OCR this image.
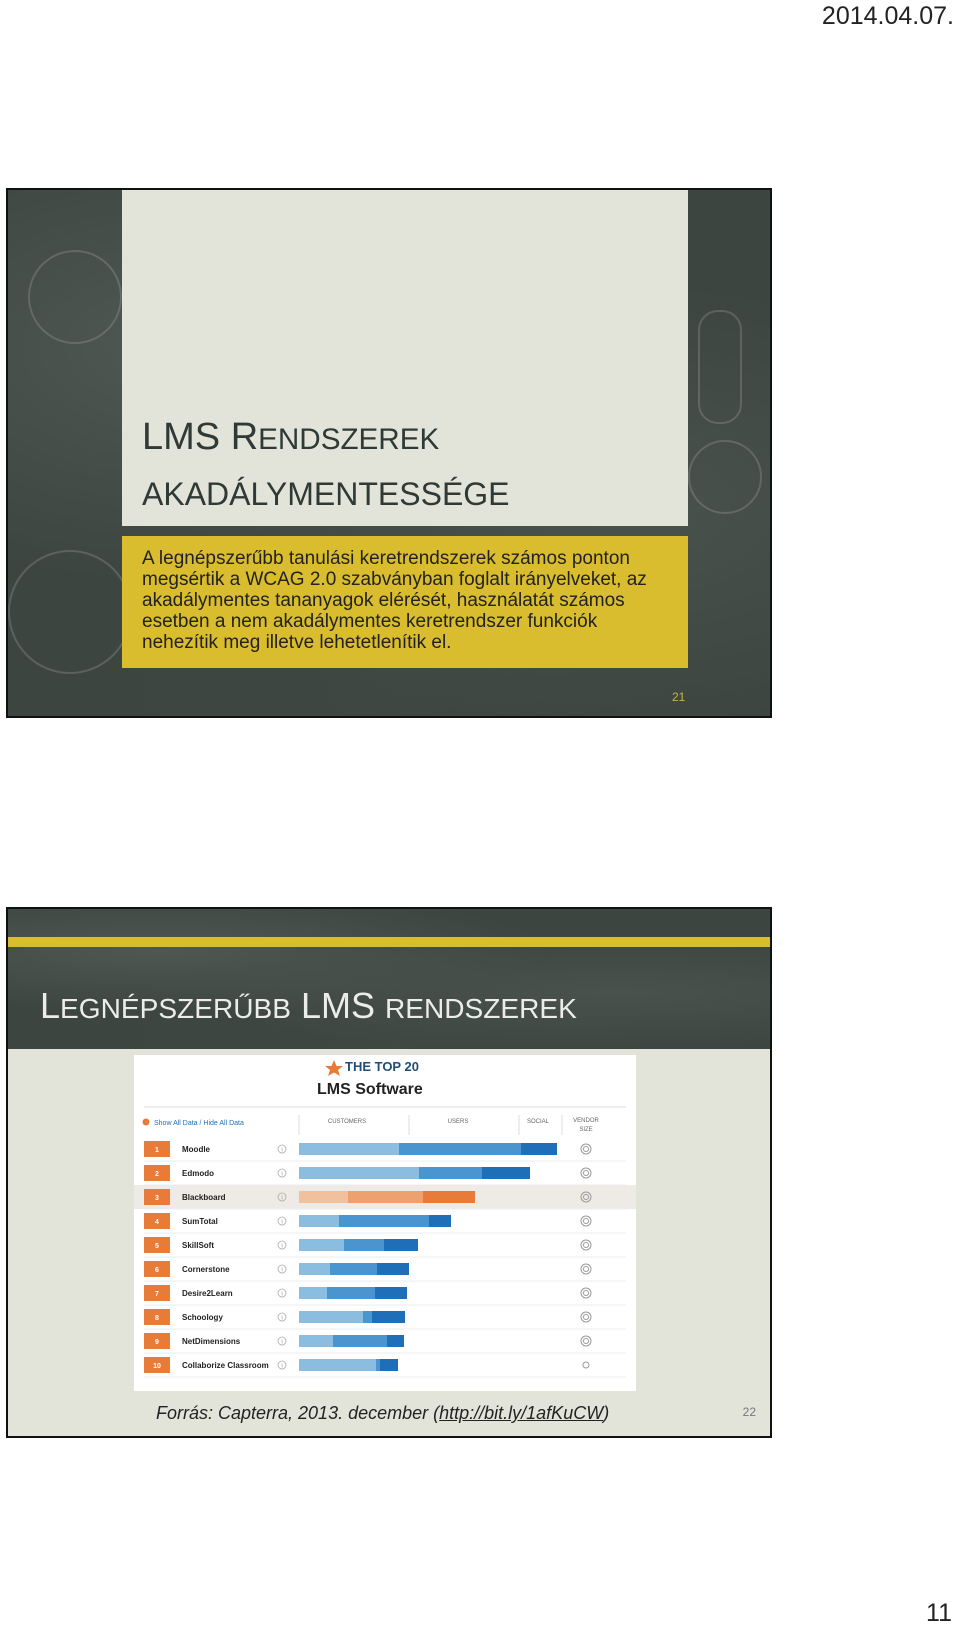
2014.04.07.
LMS RENDSZEREK
AKADÁLYMENTESSÉGE
A legnépszerűbb tanulási keretrendszerek számos ponton megsértik a WCAG 2.0 szabványban foglalt irányelveket, az akadálymentes tananyagok elérését, használatát számos esetben a nem akadálymentes keretrendszer funkciók nehezítik meg illetve lehetetlenítik el.
21
LEGNÉPSZERŰBB LMS RENDSZEREK
THE TOP 20
LMS Software
Show All Data / Hide All Data	CUSTOMERS	USERS	SOCIAL	VENDOR
SIZE
1	Moodle	i
2	Edmodo	i
3	Blackboard	i
4	SumTotal	i
5	SkillSoft	i
6	Cornerstone	i
7	Desire2Learn	i
8	Schoology	i
9	NetDimensions	i
10	Collaborize Classroom i
Forrás: Capterra, 2013. december (http://bit.ly/1afKuCW)	22
11
